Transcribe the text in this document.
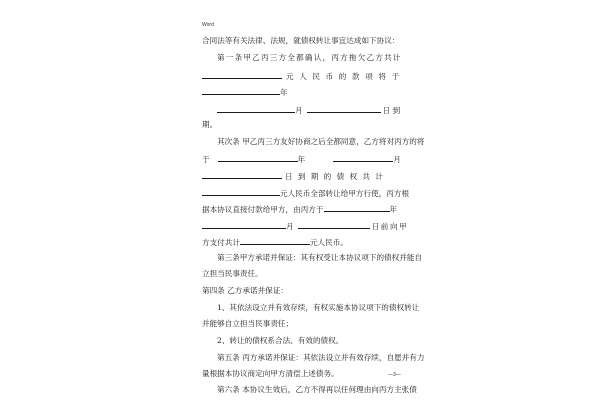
Word
合同法等有关法律、法规，就债权转让事宜达成如下协议：
第一条甲乙丙三方全都确认，丙方拖欠乙方共计
元人民币的款项将于
年
月	日到
期。
其次条 甲乙丙三方友好协商之后全都同意，乙方将对丙方的将
于	年	月
日到期的债权共计
元人民币全部转让给甲方行使，丙方根
据本协议直接付款给甲方，由丙方于	年
月	日前向甲
方支付共计	元人民币。
第三条甲方承诺并保证：其有权受让本协议项下的债权并能自
立担当民事责任。
第四条 乙方承诺并保证：
1、其依法设立并有效存续，有权实施本协议项下的债权转让
并能够自立担当民事责任；
2、转让的债权系合法、有效的债权。
第五条 丙方承诺并保证：其依法设立并有效存续，自愿并有力
量根据本协议商定向甲方清偿上述债务。
第六条 本协议生效后，乙方不得再以任何理由向丙方主张债
—3—
